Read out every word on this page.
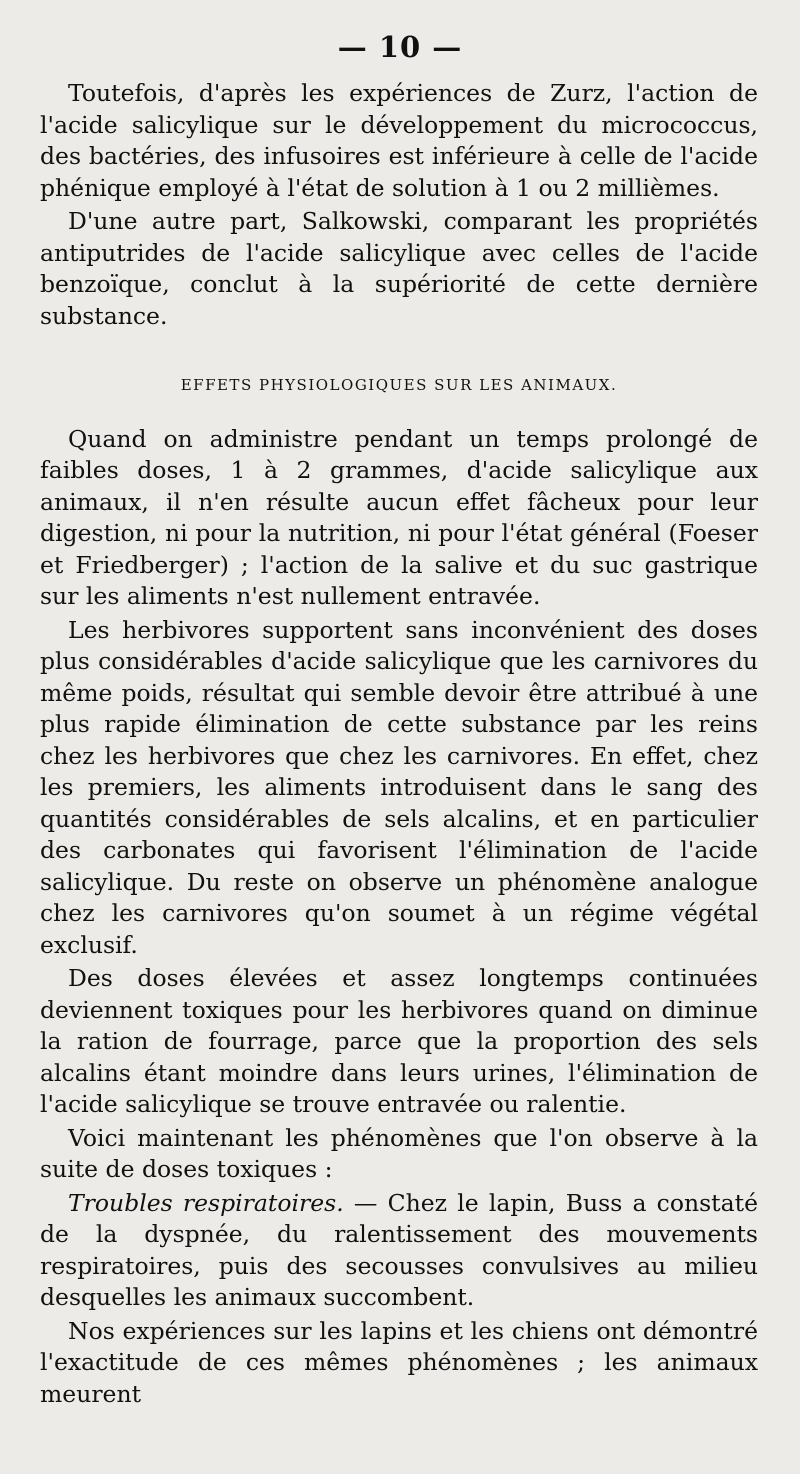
— 10 —

Toutefois, d'après les expériences de Zurz, l'action de l'acide salicylique sur le développement du micrococcus, des bactéries, des infusoires est inférieure à celle de l'acide phénique employé à l'état de solution à 1 ou 2 millièmes.

D'une autre part, Salkowski, comparant les propriétés antiputrides de l'acide salicylique avec celles de l'acide benzoïque, conclut à la supériorité de cette dernière substance.

EFFETS PHYSIOLOGIQUES SUR LES ANIMAUX.

Quand on administre pendant un temps prolongé de faibles doses, 1 à 2 grammes, d'acide salicylique aux animaux, il n'en résulte aucun effet fâcheux pour leur digestion, ni pour la nutrition, ni pour l'état général (Foeser et Friedberger) ; l'action de la salive et du suc gastrique sur les aliments n'est nullement entravée.

Les herbivores supportent sans inconvénient des doses plus considérables d'acide salicylique que les carnivores du même poids, résultat qui semble devoir être attribué à une plus rapide élimination de cette substance par les reins chez les herbivores que chez les carnivores. En effet, chez les premiers, les aliments introduisent dans le sang des quantités considérables de sels alcalins, et en particulier des carbonates qui favorisent l'élimination de l'acide salicylique. Du reste on observe un phénomène analogue chez les carnivores qu'on soumet à un régime végétal exclusif.

Des doses élevées et assez longtemps continuées deviennent toxiques pour les herbivores quand on diminue la ration de fourrage, parce que la proportion des sels alcalins étant moindre dans leurs urines, l'élimination de l'acide salicylique se trouve entravée ou ralentie.

Voici maintenant les phénomènes que l'on observe à la suite de doses toxiques :

Troubles respiratoires. — Chez le lapin, Buss a constaté de la dyspnée, du ralentissement des mouvements respiratoires, puis des secousses convulsives au milieu desquelles les animaux succombent.

Nos expériences sur les lapins et les chiens ont démontré l'exactitude de ces mêmes phénomènes ; les animaux meurent
